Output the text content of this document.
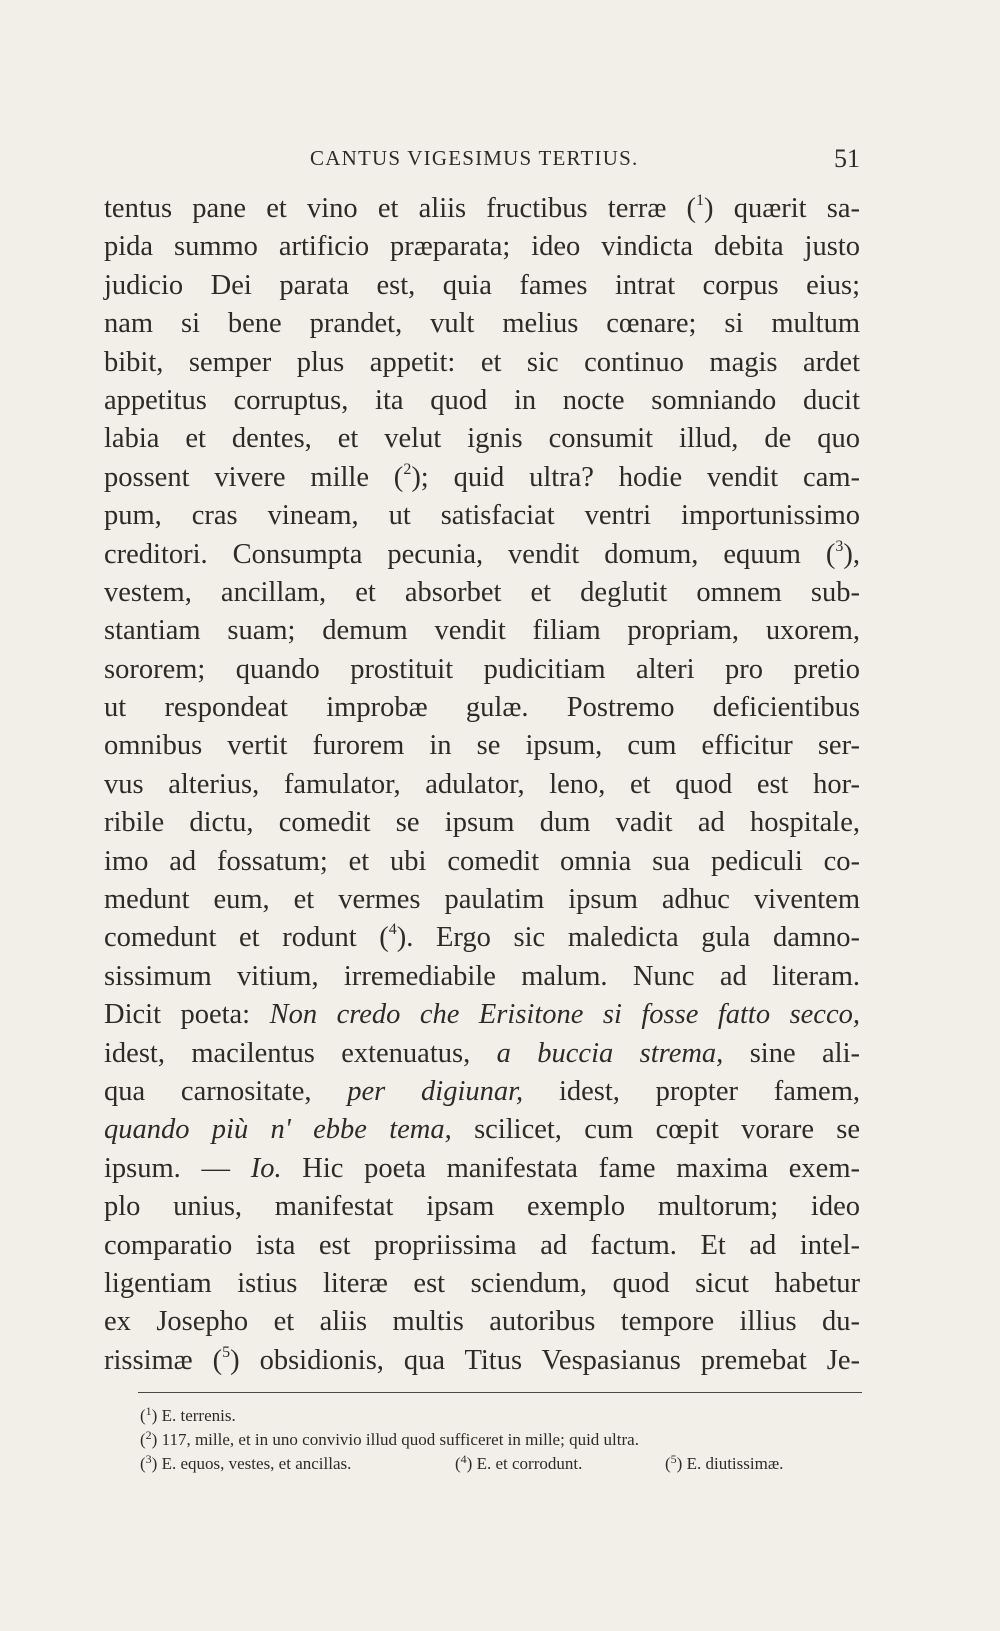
CANTUS VIGESIMUS TERTIUS.	51
tentus pane et vino et aliis fructibus terræ ($^1$) quærit sa-
pida summo artificio præparata; ideo vindicta debita justo
judicio Dei parata est, quia fames intrat corpus eius;
nam si bene prandet, vult melius cœnare; si multum
bibit, semper plus appetit: et sic continuo magis ardet
appetitus corruptus, ita quod in nocte somniando ducit
labia et dentes, et velut ignis consumit illud, de quo
possent vivere mille ($^2$); quid ultra? hodie vendit cam-
pum, cras vineam, ut satisfaciat ventri importunissimo
creditori. Consumpta pecunia, vendit domum, equum ($^3$),
vestem, ancillam, et absorbet et deglutit omnem sub-
stantiam suam; demum vendit filiam propriam, uxorem,
sororem; quando prostituit pudicitiam alteri pro pretio
ut respondeat improbæ gulæ. Postremo deficientibus
omnibus vertit furorem in se ipsum, cum efficitur ser-
vus alterius, famulator, adulator, leno, et quod est hor-
ribile dictu, comedit se ipsum dum vadit ad hospitale,
imo ad fossatum; et ubi comedit omnia sua pediculi co-
medunt eum, et vermes paulatim ipsum adhuc viventem
comedunt et rodunt ($^4$). Ergo sic maledicta gula damno-
sissimum vitium, irremediabile malum. Nunc ad literam.
Dicit poeta: Non credo che Erisitone si fosse fatto secco,
idest, macilentus extenuatus, a buccia strema, sine ali-
qua carnositate, per digiunar, idest, propter famem,
quando più n' ebbe tema, scilicet, cum cœpit vorare se
ipsum. — Io. Hic poeta manifestata fame maxima exem-
plo unius, manifestat ipsam exemplo multorum; ideo
comparatio ista est propriissima ad factum. Et ad intel-
ligentiam istius literæ est sciendum, quod sicut habetur
ex Josepho et aliis multis autoribus tempore illius du-
rissimæ ($^5$) obsidionis, qua Titus Vespasianus premebat Je-
($^1$) E. terrenis.
($^2$) 117, mille, et in uno convivio illud quod sufficeret in mille; quid ultra.
($^3$) E. equos, vestes, et ancillas.	($^4$) E. et corrodunt.	($^5$) E. diutissimæ.
